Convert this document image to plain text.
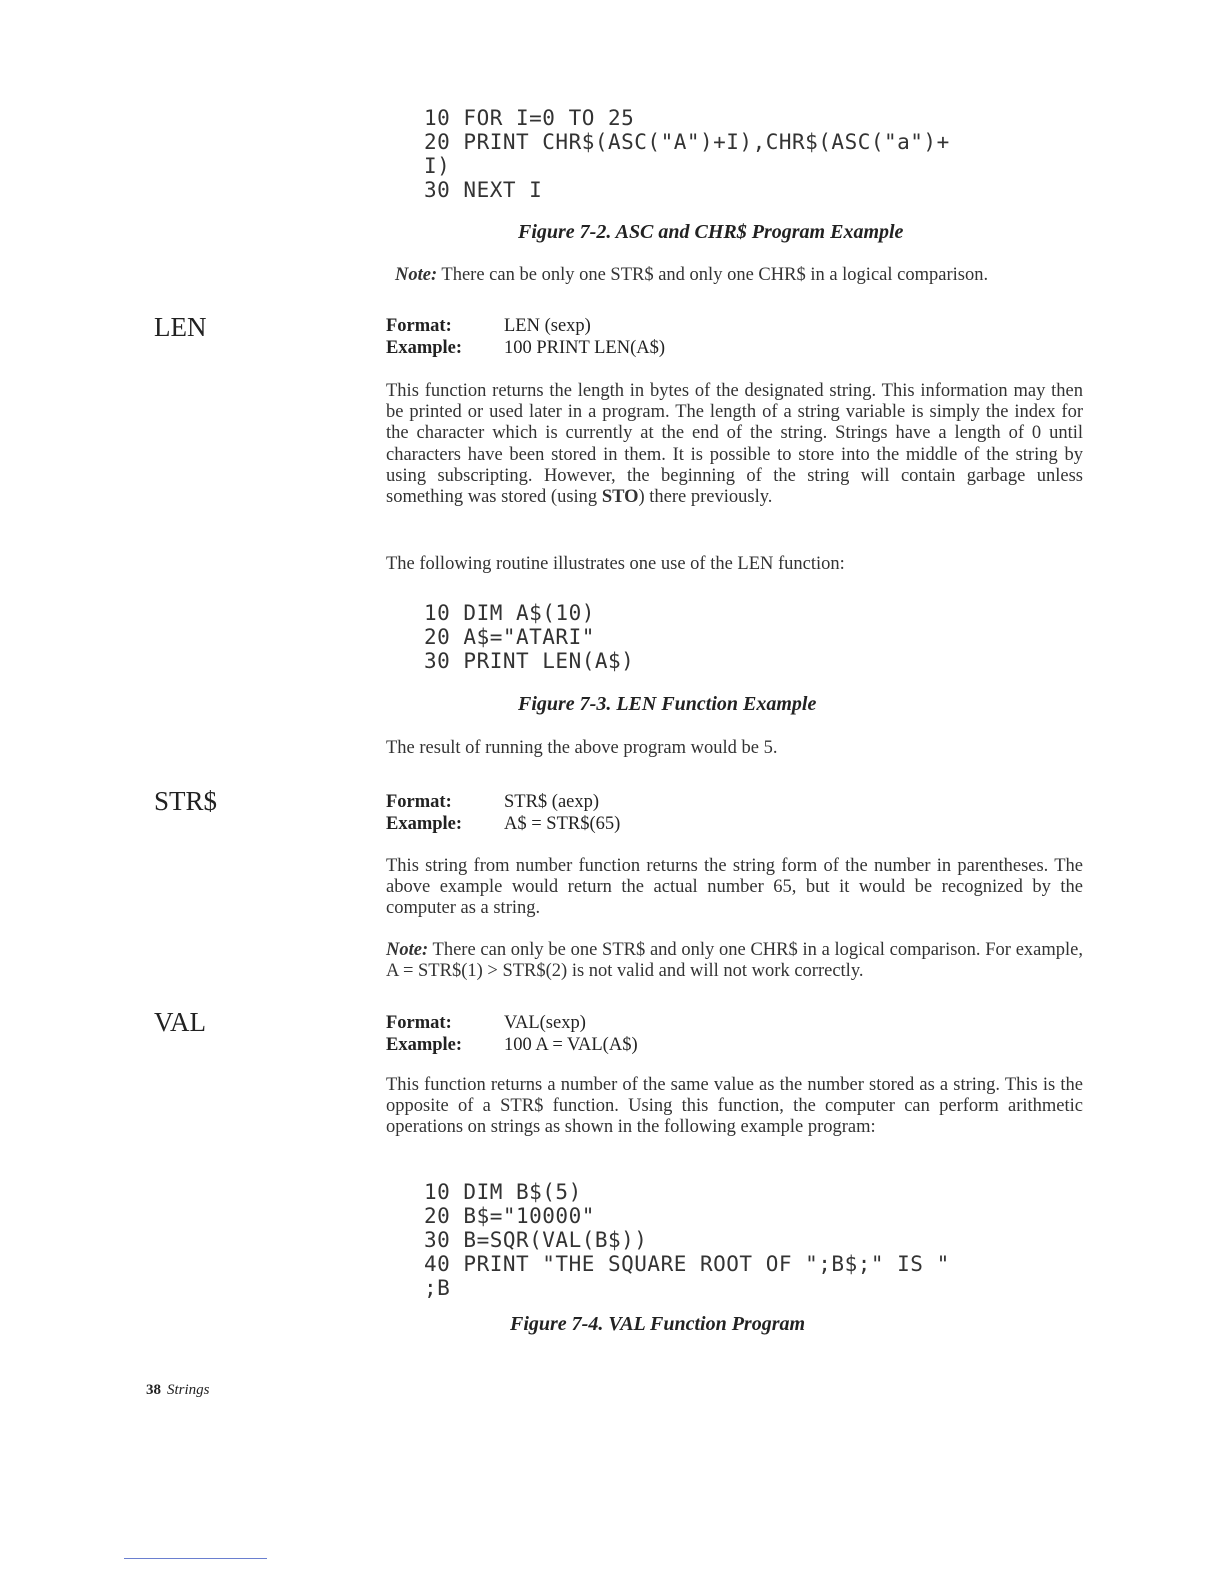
10 FOR I=0 TO 25
20 PRINT CHR$(ASC("A")+I),CHR$(ASC("a")+
I)
30 NEXT I
Figure 7-2. ASC and CHR$ Program Example
Note: There can be only one STR$ and only one CHR$ in a logical comparison.
LEN	Format:	LEN (sexp)
Example: 100 PRINT LEN(A$)
This function returns the length in bytes of the designated string. This information may then be printed or used later in a program. The length of a string variable is simply the index for the character which is currently at the end of the string. Strings have a length of 0 until characters have been stored in them. It is possible to store into the middle of the string by using subscripting. However, the beginning of the string will contain garbage unless something was stored (using STO) there previously.
The following routine illustrates one use of the LEN function:
10 DIM A$(10)
20 A$="ATARI"
30 PRINT LEN(A$)
Figure 7-3. LEN Function Example
The result of running the above program would be 5.
STR$	Format:	STR$ (aexp)
Example: A$ = STR$(65)
This string from number function returns the string form of the number in parentheses. The above example would return the actual number 65, but it would be recognized by the computer as a string.
Note: There can only be one STR$ and only one CHR$ in a logical comparison. For example, A = STR$(1) > STR$(2) is not valid and will not work correctly.
VAL	Format:	VAL(sexp)
Example: 100 A = VAL(A$)
This function returns a number of the same value as the number stored as a string. This is the opposite of a STR$ function. Using this function, the computer can perform arithmetic operations on strings as shown in the following example program:
10 DIM B$(5)
20 B$="10000"
30 B=SQR(VAL(B$))
40 PRINT "THE SQUARE ROOT OF ";B$;" IS "
;B
Figure 7-4. VAL Function Program
38 Strings
